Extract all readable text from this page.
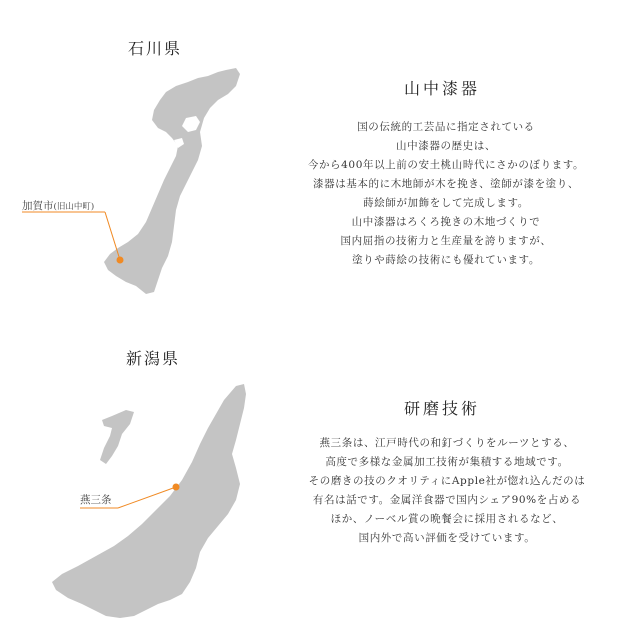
石川県
加賀市(旧山中町)
山中漆器
国の伝統的工芸品に指定されている
山中漆器の歴史は、
今から400年以上前の安土桃山時代にさかのぼります。
漆器は基本的に木地師が木を挽き、塗師が漆を塗り、
蒔絵師が加飾をして完成します。
山中漆器はろくろ挽きの木地づくりで
国内屈指の技術力と生産量を誇りますが、
塗りや蒔絵の技術にも優れています。
新潟県
燕三条
研磨技術
燕三条は、江戸時代の和釘づくりをルーツとする、
高度で多様な金属加工技術が集積する地域です。
その磨きの技のクオリティにApple社が惚れ込んだのは
有名は話です。金属洋食器で国内シェア90%を占める
ほか、ノーベル賞の晩餐会に採用されるなど、
国内外で高い評価を受けています。
